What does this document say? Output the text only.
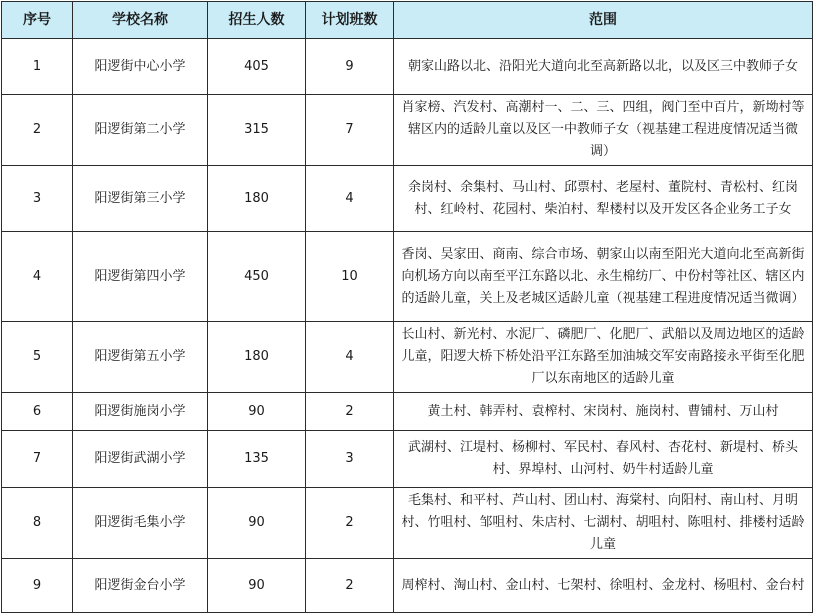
序号	学校名称	招生人数	计划班数	范围
1	阳逻街中心小学	405	9	朝家山路以北、沿阳光大道向北至高新路以北，以及区三中教师子女
2	阳逻街第二小学	315	7	肖家榜、汽发村、高潮村一、二、三、四组，阀门至中百片，新坳村等辖区内的适龄儿童以及区一中教师子女（视基建工程进度情况适当微调）
3	阳逻街第三小学	180	4	余岗村、余集村、马山村、邱票村、老屋村、董院村、青松村、红岗村、红岭村、花园村、柴泊村、犁楼村以及开发区各企业务工子女
4	阳逻街第四小学	450	10	香岗、吴家田、商南、综合市场、朝家山以南至阳光大道向北至高新街向机场方向以南至平江东路以北、永生棉纺厂、中份村等社区、辖区内的适龄儿童，关上及老城区适龄儿童（视基建工程进度情况适当微调）
5	阳逻街第五小学	180	4	长山村、新光村、水泥厂、磷肥厂、化肥厂、武船以及周边地区的适龄儿童，阳逻大桥下桥处沿平江东路至加油城交军安南路接永平街至化肥厂以东南地区的适龄儿童
6	阳逻街施岗小学	90	2	黄土村、韩弄村、袁榨村、宋岗村、施岗村、曹铺村、万山村
7	阳逻街武湖小学	135	3	武湖村、江堤村、杨柳村、军民村、春风村、杏花村、新堤村、桥头村、界埠村、山河村、奶牛村适龄儿童
8	阳逻街毛集小学	90	2	毛集村、和平村、芦山村、团山村、海棠村、向阳村、南山村、月明村、竹咀村、邹咀村、朱店村、七湖村、胡咀村、陈咀村、排楼村适龄儿童
9	阳逻街金台小学	90	2	周榨村、淘山村、金山村、七架村、徐咀村、金龙村、杨咀村、金台村
